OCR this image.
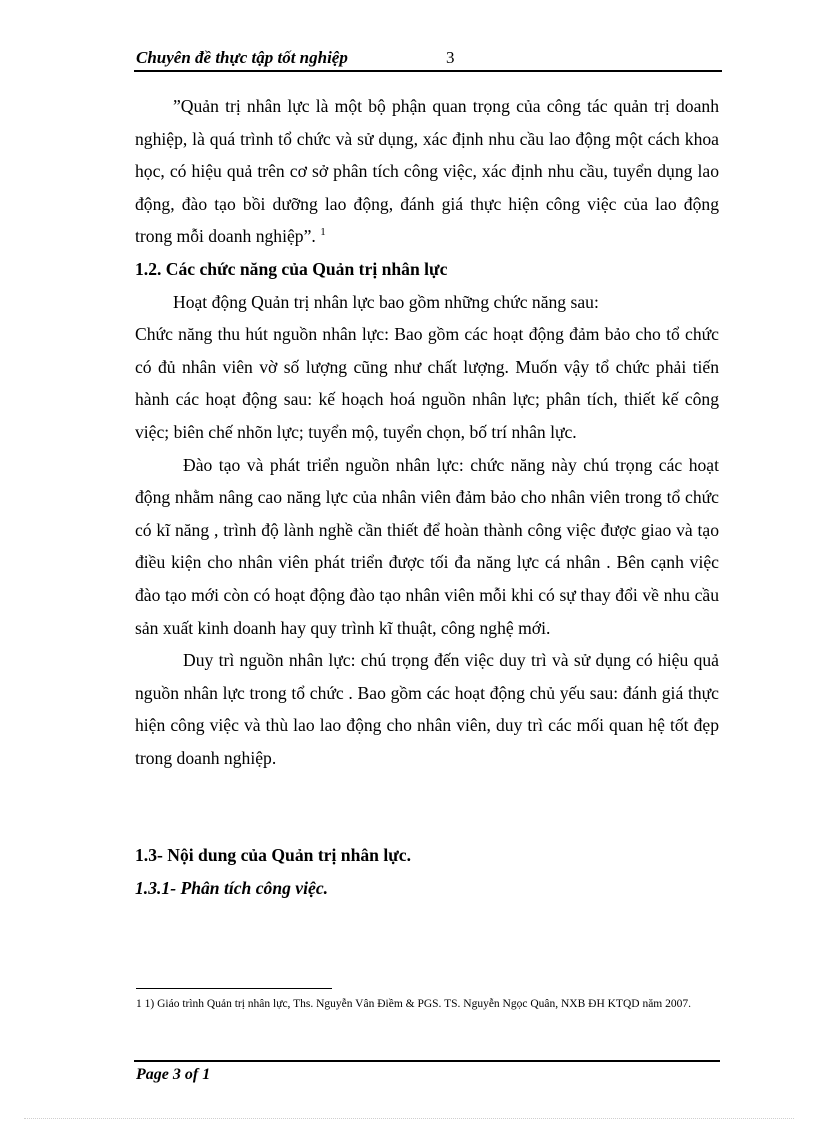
Chuyên đề thực tập tốt nghiệp	3

”Quản trị nhân lực là một bộ phận quan trọng của công tác quản trị doanh nghiệp, là quá trình tổ chức và sử dụng, xác định nhu cầu lao động một cách khoa học, có hiệu quả trên cơ sở phân tích công việc, xác định nhu cầu, tuyển dụng lao động, đào tạo bồi dưỡng lao động, đánh giá thực hiện công việc của lao động trong mỗi doanh nghiệp”. $^1$

1.2. Các chức năng của Quản trị nhân lực

Hoạt động Quản trị nhân lực bao gồm những chức năng sau:

Chức năng thu hút nguồn nhân lực: Bao gồm các hoạt động đảm bảo cho tổ chức có đủ nhân viên vờ số lượng cũng như chất lượng. Muốn vậy tổ chức phải tiến hành các hoạt động sau: kế hoạch hoá nguồn nhân lực; phân tích, thiết kế công việc; biên chế nhõn lực; tuyển mộ, tuyển chọn, bố trí nhân lực.

Đào tạo và phát triển nguồn nhân lực: chức năng này chú trọng các hoạt động nhằm nâng cao năng lực của nhân viên đảm bảo cho nhân viên trong tổ chức có kĩ năng , trình độ lành nghề cần thiết để hoàn thành công việc được giao và tạo điều kiện cho nhân viên phát triển được tối đa năng lực cá nhân . Bên cạnh việc đào tạo mới còn có hoạt động đào tạo nhân viên mỗi khi có sự thay đổi về nhu cầu sản xuất kinh doanh hay quy trình kĩ thuật, công nghệ mới.

Duy trì nguồn nhân lực: chú trọng đến việc duy trì và sử dụng có hiệu quả nguồn nhân lực trong tổ chức . Bao gồm các hoạt động chủ yếu sau: đánh giá thực hiện công việc và thù lao lao động cho nhân viên, duy trì các mối quan hệ tốt đẹp trong doanh nghiệp.

1.3- Nội dung của Quản trị nhân lực.

1.3.1- Phân tích công việc.

1 1) Giáo trình Quản trị nhân lực, Ths. Nguyễn Vân Điềm & PGS. TS. Nguyễn Ngọc Quân, NXB ĐH KTQD năm 2007.
Page 3 of 1
